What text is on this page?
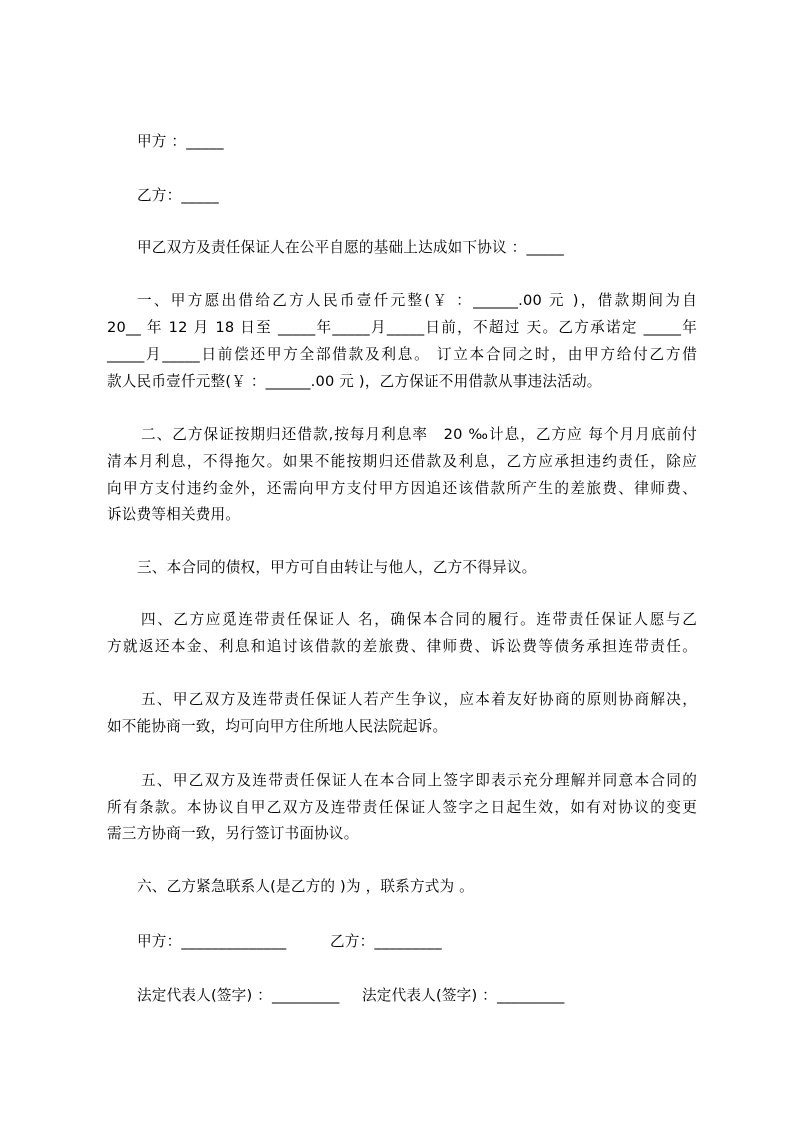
甲方 ：_____
乙方：_____
甲乙双方及责任保证人在公平自愿的基础上达成如下协议 ：_____
一、甲方愿出借给乙方人民币壹仟元整(￥ ：______.00 元 )，借款期间为自
20__ 年 12 月 18 日至 _____年_____月_____日前，不超过 天。乙方承诺定 _____年
_____月_____日前偿还甲方全部借款及利息。 订立本合同之时，由甲方给付乙方借
款人民币壹仟元整(￥ ：______.00 元 )，乙方保证不用借款从事违法活动。
二、乙方保证按期归还借款,按每月利息率　20 ‰计息，乙方应 每个月月底前付
清本月利息，不得拖欠。如果不能按期归还借款及利息，乙方应承担违约责任，除应
向甲方支付违约金外，还需向甲方支付甲方因追还该借款所产生的差旅费、律师费、
诉讼费等相关费用。
三、本合同的债权，甲方可自由转让与他人，乙方不得异议。
四、乙方应觅连带责任保证人 名，确保本合同的履行。连带责任保证人愿与乙
方就返还本金、利息和追讨该借款的差旅费、律师费、诉讼费等债务承担连带责任。
五、甲乙双方及连带责任保证人若产生争议，应本着友好协商的原则协商解决，
如不能协商一致，均可向甲方住所地人民法院起诉。
五、甲乙双方及连带责任保证人在本合同上签字即表示充分理解并同意本合同的
所有条款。本协议自甲乙双方及连带责任保证人签字之日起生效，如有对协议的变更
需三方协商一致，另行签订书面协议。
六、乙方紧急联系人(是乙方的 )为 ，联系方式为 。
甲方：______________	乙方：_________
法定代表人(签字) ：_________ 法定代表人(签字) ：_________
